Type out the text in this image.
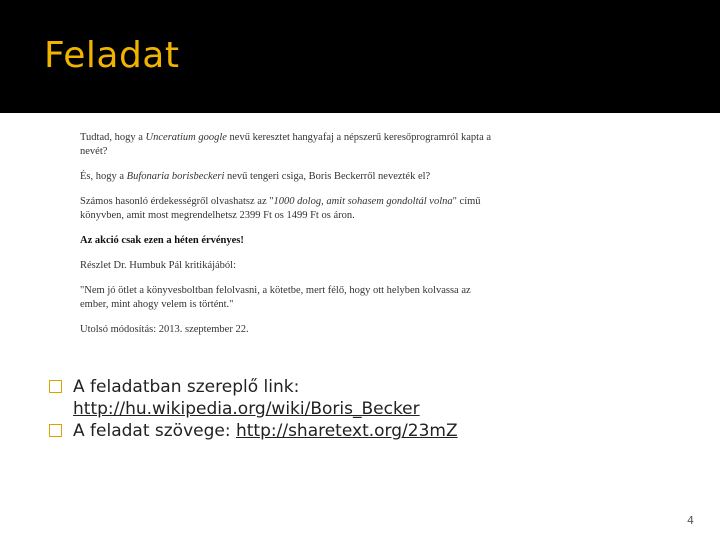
Feladat

Tudtad, hogy a Unceratium google nevű keresztet hangyafaj a népszerű keresőprogramról kapta a nevét?

És, hogy a Bufonaria borisbeckeri nevű tengeri csiga, Boris Beckerről nevezték el?

Számos hasonló érdekességről olvashatsz az "1000 dolog, amit sohasem gondoltál volna" című könyvben, amit most megrendelhetsz 2399 Ft os 1499 Ft os áron.

Az akció csak ezen a héten érvényes!

Részlet Dr. Humbuk Pál kritikájából:

"Nem jó ötlet a könyvesboltban felolvasni, a kötetbe, mert félő, hogy ott helyben kolvassa az ember, mint ahogy velem is történt."

Utolsó módosítás: 2013. szeptember 22.

A feladatban szereplő link:
http://hu.wikipedia.org/wiki/Boris_Becker
A feladat szövege: http://sharetext.org/23mZ
4
